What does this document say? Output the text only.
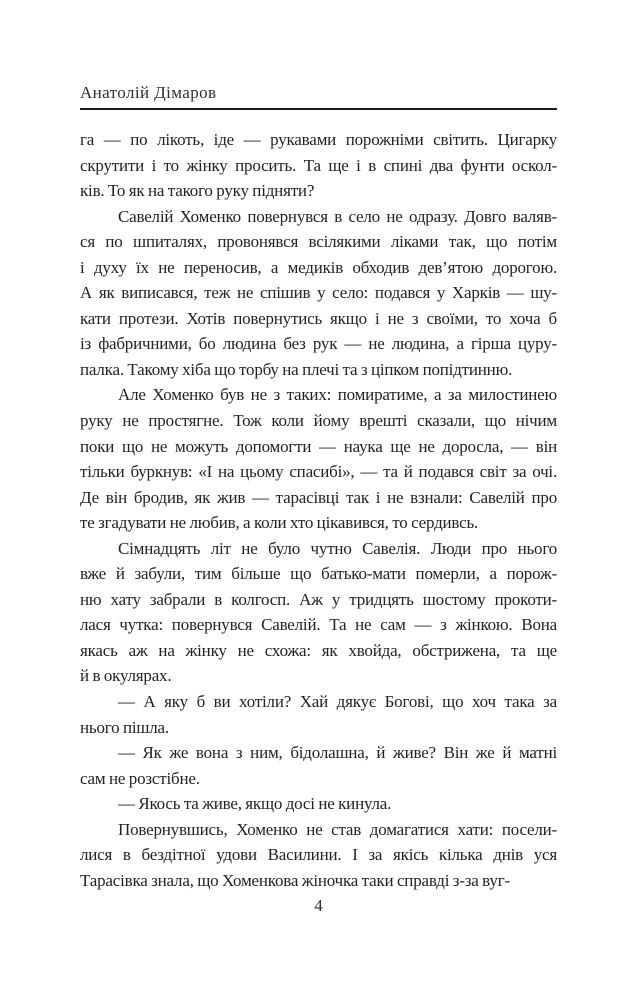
Анатолій Дімаров
га — по лікоть, іде — рукавами порожніми світить. Цигарку
скрутити і то жінку просить. Та ще і в спині два фунти оскол-
ків. То як на такого руку підняти?
Савелій Хоменко повернувся в село не одразу. Довго валяв-
ся по шпиталях, провонявся всілякими ліками так, що потім
і духу їх не переносив, а медиків обходив дев’ятою дорогою.
А як виписався, теж не спішив у село: подався у Харків — шу-
кати протези. Хотів повернутись якщо і не з своїми, то хоча б
із фабричними, бо людина без рук — не людина, а гірша цуру-
палка. Такому хіба що торбу на плечі та з ціпком попідтинню.
Але Хоменко був не з таких: помиратиме, а за милостинею
руку не простягне. Тож коли йому врешті сказали, що нічим
поки що не можуть допомогти — наука ще не доросла, — він
тільки буркнув: «І на цьому спасибі», — та й подався світ за очі.
Де він бродив, як жив — тарасівці так і не взнали: Савелій про
те згадувати не любив, а коли хто цікавився, то сердивсь.
Сімнадцять літ не було чутно Савелія. Люди про нього
вже й забули, тим більше що батько-мати померли, а порож-
ню хату забрали в колгосп. Аж у тридцять шостому прокоти-
лася чутка: повернувся Савелій. Та не сам — з жінкою. Вона
якась аж на жінку не схожа: як хвойда, обстрижена, та ще
й в окулярах.
— А яку б ви хотіли? Хай дякує Богові, що хоч така за
нього пішла.
— Як же вона з ним, бідолашна, й живе? Він же й матні
сам не розстібне.
— Якось та живе, якщо досі не кинула.
Повернувшись, Хоменко не став домагатися хати: посели-
лися в бездітної удови Василини. І за якісь кілька днів уся
Тарасівка знала, що Хоменкова жіночка таки справді з-за вуг-
4
